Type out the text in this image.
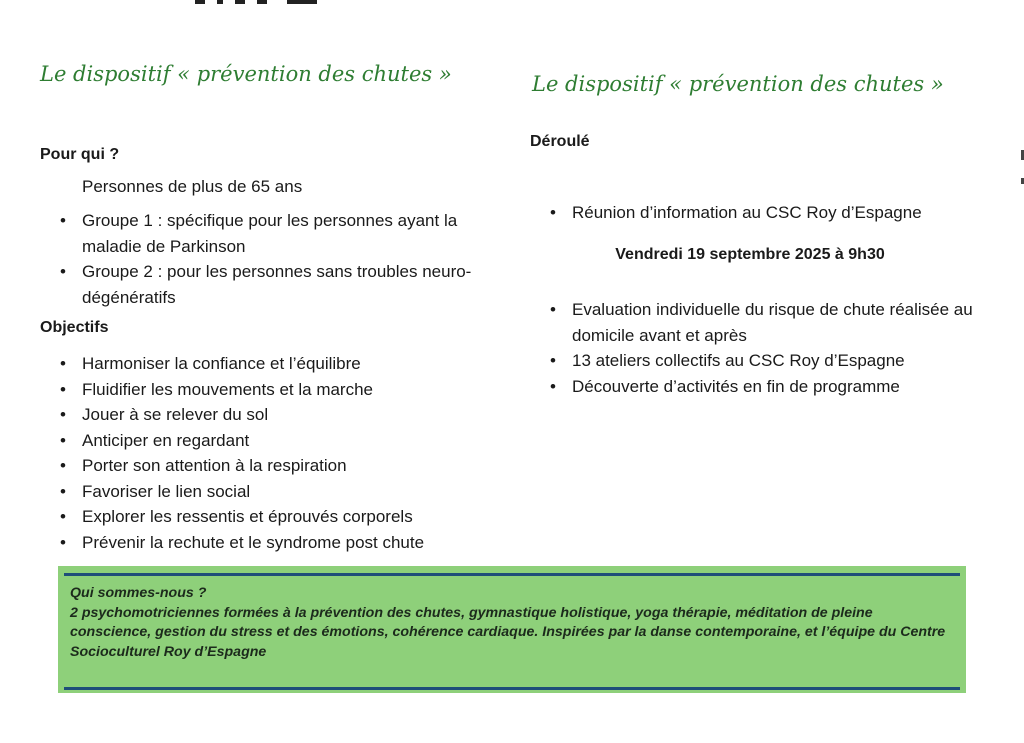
Le dispositif « prévention des chutes »
Pour qui ?

Personnes de plus de 65 ans

• Groupe 1 : spécifique pour les personnes ayant la maladie de Parkinson
• Groupe 2 : pour les personnes sans troubles neuro-dégénératifs
Objectifs
• Harmoniser la confiance et l’équilibre
• Fluidifier les mouvements et la marche
• Jouer à se relever du sol
• Anticiper en regardant
• Porter son attention à la respiration
• Favoriser le lien social
• Explorer les ressentis et éprouvés corporels
• Prévenir la rechute et le syndrome post chute
Le dispositif « prévention des chutes »
Déroulé
• Réunion d’information au CSC Roy d’Espagne

Vendredi 19 septembre 2025 à 9h30

• Evaluation individuelle du risque de chute réalisée au domicile avant et après
• 13 ateliers collectifs au CSC Roy d’Espagne
• Découverte d’activités en fin de programme
Qui sommes-nous ?
2 psychomotriciennes formées à la prévention des chutes, gymnastique holistique, yoga thérapie, méditation de pleine conscience, gestion du stress et des émotions, cohérence cardiaque. Inspirées par la danse contemporaine, et l’équipe du Centre Socioculturel Roy d’Espagne
